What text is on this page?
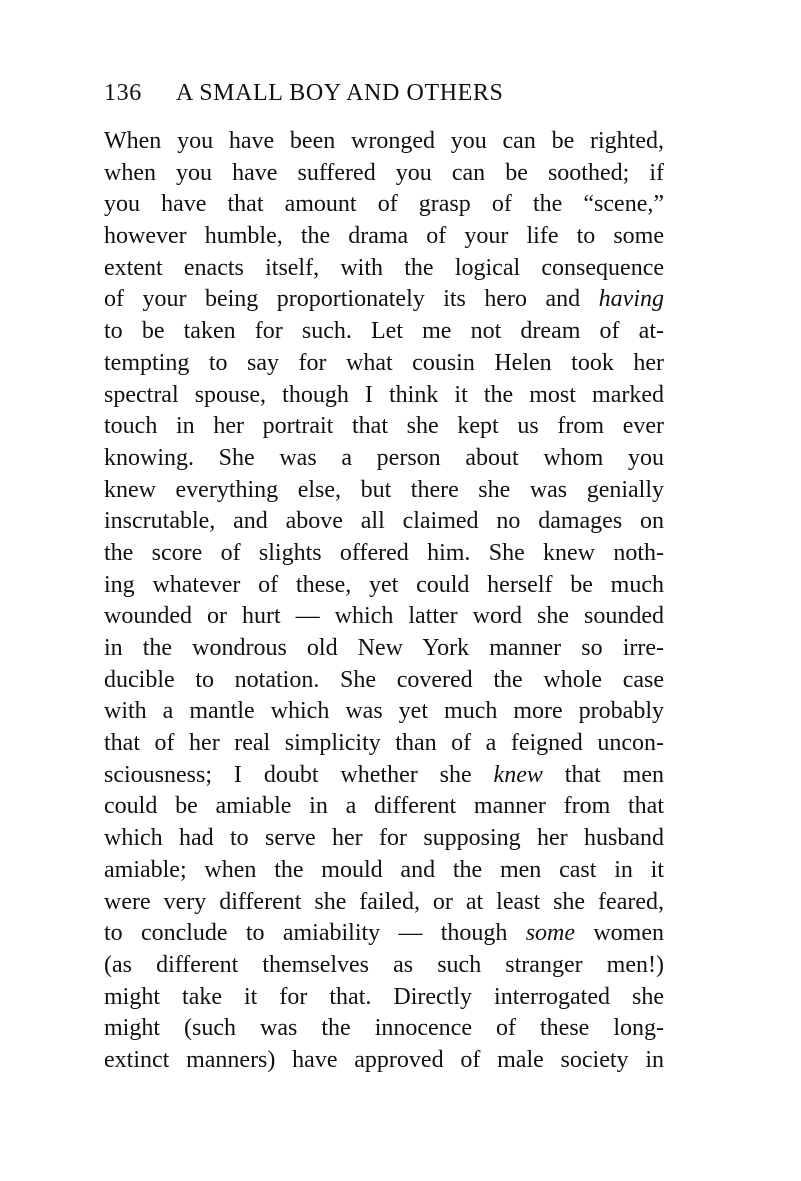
136	A SMALL BOY AND OTHERS
When you have been wronged you can be righted,
when you have suffered you can be soothed; if
you have that amount of grasp of the “scene,”
however humble, the drama of your life to some
extent enacts itself, with the logical consequence
of your being proportionately its hero and having
to be taken for such. Let me not dream of at-
tempting to say for what cousin Helen took her
spectral spouse, though I think it the most marked
touch in her portrait that she kept us from ever
knowing. She was a person about whom you
knew everything else, but there she was genially
inscrutable, and above all claimed no damages on
the score of slights offered him. She knew noth-
ing whatever of these, yet could herself be much
wounded or hurt — which latter word she sounded
in the wondrous old New York manner so irre-
ducible to notation. She covered the whole case
with a mantle which was yet much more probably
that of her real simplicity than of a feigned uncon-
sciousness; I doubt whether she knew that men
could be amiable in a different manner from that
which had to serve her for supposing her husband
amiable; when the mould and the men cast in it
were very different she failed, or at least she feared,
to conclude to amiability — though some women
(as different themselves as such stranger men!)
might take it for that. Directly interrogated she
might (such was the innocence of these long-
extinct manners) have approved of male society in
